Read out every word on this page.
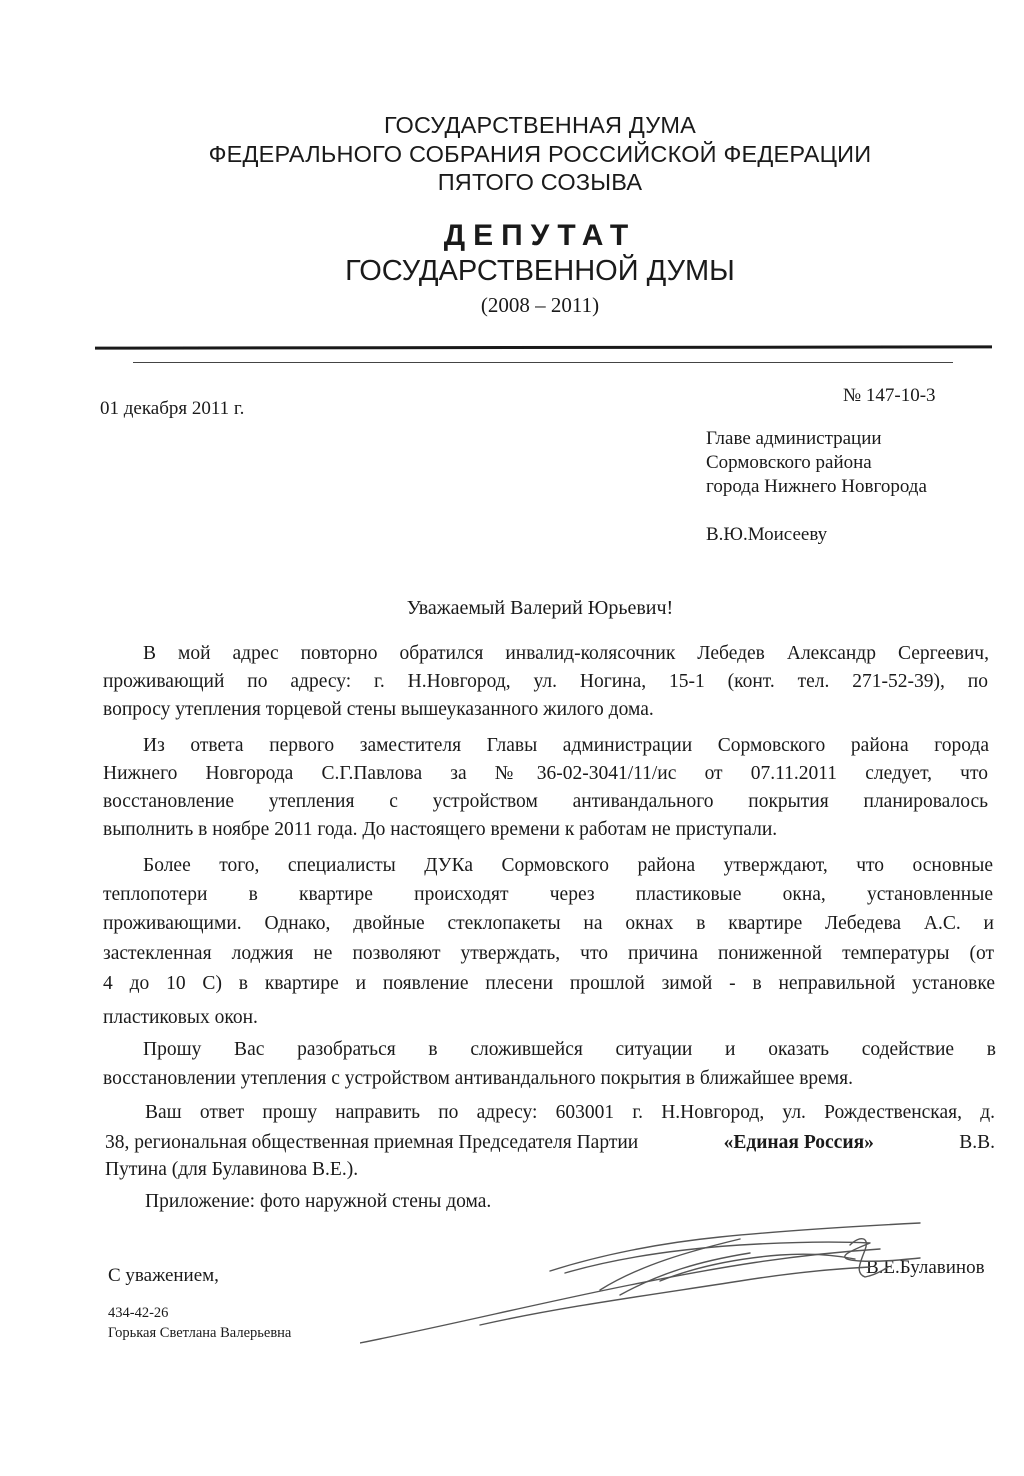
ГОСУДАРСТВЕННАЯ ДУМА
ФЕДЕРАЛЬНОГО СОБРАНИЯ РОССИЙСКОЙ ФЕДЕРАЦИИ
ПЯТОГО СОЗЫВА
ДЕПУТАТ
ГОСУДАРСТВЕННОЙ ДУМЫ
(2008 – 2011)
01 декабря 2011 г.
№ 147-10-3
Главе администрации
Сормовского района
города Нижнего Новгорода
В.Ю.Моисееву
Уважаемый Валерий Юрьевич!
В мой адрес повторно обратился инвалид-колясочник Лебедев Александр Сергеевич,
проживающий по адресу: г. Н.Новгород, ул. Ногина, 15-1 (конт. тел. 271-52-39), по
вопросу утепления торцевой стены вышеуказанного жилого дома.
Из ответа первого заместителя Главы администрации Сормовского района города
Нижнего Новгорода С.Г.Павлова за №36-02-3041/11/ис от 07.11.2011 следует, что
восстановление утепления с устройством антивандального покрытия планировалось
выполнить в ноябре 2011 года. До настоящего времени к работам не приступали.
Более того, специалисты ДУКа Сормовского района утверждают, что основные
теплопотери в квартире происходят через пластиковые окна, установленные
проживающими. Однако, двойные стеклопакеты на окнах в квартире Лебедева А.С. и
застекленная лоджия не позволяют утверждать, что причина пониженной температуры (от
4 до 10 С) в квартире и появление плесени прошлой зимой - в неправильной установке
пластиковых окон.
Прошу Вас разобраться в сложившейся ситуации и оказать содействие в
восстановлении утепления с устройством антивандального покрытия в ближайшее время.
Ваш ответ прошу направить по адресу: 603001 г. Н.Новгород, ул. Рождественская, д.
38, региональная общественная приемная Председателя Партии	«Единая Россия»	В.В.
Путина (для Булавинова В.Е.).
Приложение: фото наружной стены дома.
С уважением,	В.Е.Булавинов
434-42-26
Горькая Светлана Валерьевна
